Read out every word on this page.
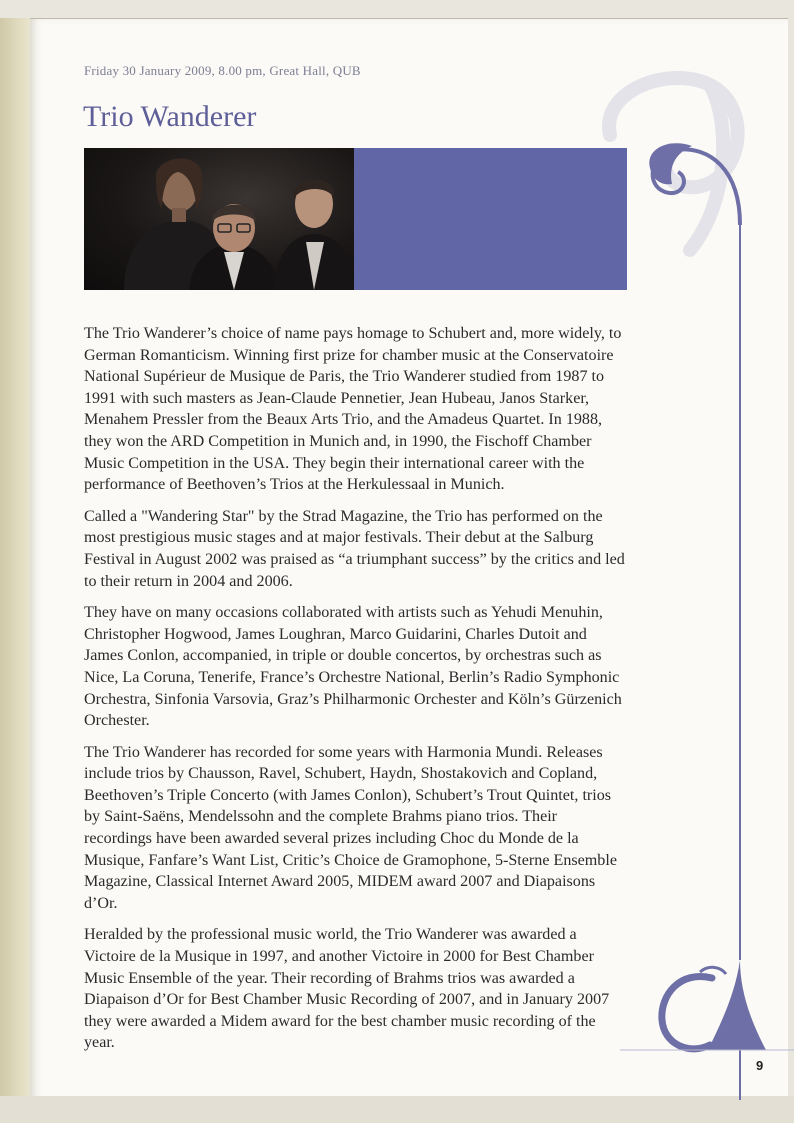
Friday 30 January 2009, 8.00 pm, Great Hall, QUB
Trio Wanderer

The Trio Wanderer’s choice of name pays homage to Schubert and, more widely, to German Romanticism. Winning first prize for chamber music at the Conservatoire National Supérieur de Musique de Paris, the Trio Wanderer studied from 1987 to 1991 with such masters as Jean-Claude Pennetier, Jean Hubeau, Janos Starker, Menahem Pressler from the Beaux Arts Trio, and the Amadeus Quartet. In 1988, they won the ARD Competition in Munich and, in 1990, the Fischoff Chamber Music Competition in the USA. They begin their international career with the performance of Beethoven’s Trios at the Herkulessaal in Munich.

Called a "Wandering Star" by the Strad Magazine, the Trio has performed on the most prestigious music stages and at major festivals. Their debut at the Salburg Festival in August 2002 was praised as “a triumphant success” by the critics and led to their return in 2004 and 2006.

They have on many occasions collaborated with artists such as Yehudi Menuhin, Christopher Hogwood, James Loughran, Marco Guidarini, Charles Dutoit and James Conlon, accompanied, in triple or double concertos, by orchestras such as Nice, La Coruna, Tenerife, France’s Orchestre National, Berlin’s Radio Symphonic Orchestra, Sinfonia Varsovia, Graz’s Philharmonic Orchester and Köln’s Gürzenich Orchester.

The Trio Wanderer has recorded for some years with Harmonia Mundi. Releases include trios by Chausson, Ravel, Schubert, Haydn, Shostakovich and Copland, Beethoven’s Triple Concerto (with James Conlon), Schubert’s Trout Quintet, trios by Saint-Saëns, Mendelssohn and the complete Brahms piano trios. Their recordings have been awarded several prizes including Choc du Monde de la Musique, Fanfare’s Want List, Critic’s Choice de Gramophone, 5-Sterne Ensemble Magazine, Classical Internet Award 2005, MIDEM award 2007 and Diapaisons d’Or.

Heralded by the professional music world, the Trio Wanderer was awarded a Victoire de la Musique in 1997, and another Victoire in 2000 for Best Chamber Music Ensemble of the year. Their recording of Brahms trios was awarded a Diapaison d’Or for Best Chamber Music Recording of 2007, and in January 2007 they were awarded a Midem award for the best chamber music recording of the year.

9
